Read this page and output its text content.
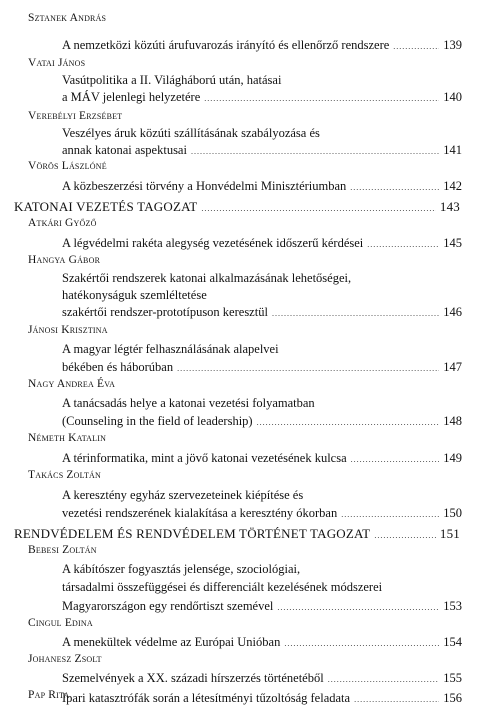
Sztanek András
A nemzetközi közúti árufuvarozás irányító és ellenőrző rendszere . . .	139
Vatai János
Vasútpolitika a II. Világháború után, hatásai
a MÁV jelenlegi helyzetére . . .	140
Verebélyi Erzsébet
Veszélyes áruk közúti szállításának szabályozása és
annak katonai aspektusai . . .	141
Vörös Lászlóné
A közbeszerzési törvény a Honvédelmi Minisztériumban . . .	142
KATONAI VEZETÉS TAGOZAT . . .	143
Atkári Győző
A légvédelmi rakéta alegység vezetésének időszerű kérdései . . .	145
Hangya Gábor
Szakértői rendszerek katonai alkalmazásának lehetőségei,
hatékonyságuk szemléltetése
szakértői rendszer-prototípuson keresztül . . .	146
Jánosi Krisztina
A magyar légtér felhasználásának alapelvei
békében és háborúban . . .	147
Nagy Andrea Éva
A tanácsadás helye a katonai vezetési folyamatban
(Counseling in the field of leadership) . . .	148
Németh Katalin
A térinformatika, mint a jövő katonai vezetésének kulcsa . . .	149
Takács Zoltán
A keresztény egyház szervezeteinek kiépítése és
vezetési rendszerének kialakítása a keresztény ókorban . . .	150
RENDVÉDELEM ÉS RENDVÉDELEM TÖRTÉNET TAGOZAT . . .	151
Bebesi Zoltán
A kábítószer fogyasztás jelensége, szociológiai,
társadalmi összefüggései és differenciált kezelésének módszerei
Magyarországon egy rendőrtiszt szemével . . .	153
Cingul Edina
A menekültek védelme az Európai Unióban . . .	154
Johanesz Zsolt
Szemelvények a XX. századi hírszerzés történetéből . . .	155
Pap Rita
Ipari katasztrófák során a létesítményi tűzoltóság feladata . . .	156
